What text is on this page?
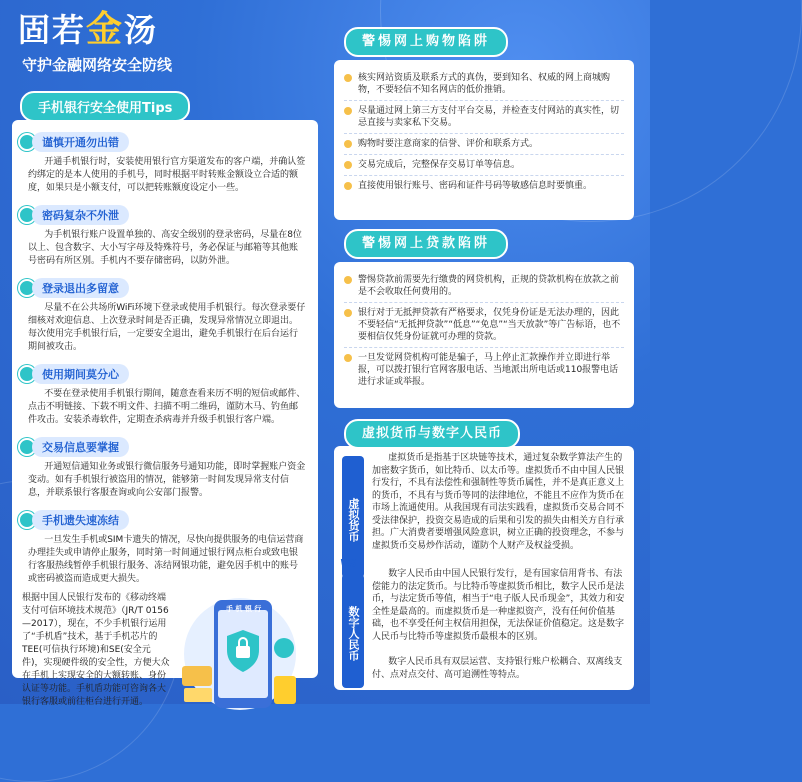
固若金汤
守护金融网络安全防线
手机银行安全使用Tips
谨慎开通勿出错
开通手机银行时，安装使用银行官方渠道发布的客户端，并确认签约绑定的是本人使用的手机号，同时根据平时转账金额设立合适的额度，如果只是小额支付，可以把转账额度设定小一些。
密码复杂不外泄
为手机银行账户设置单独的、高安全级别的登录密码，尽量在8位以上、包含数字、大小写字母及特殊符号，务必保证与邮箱等其他账号密码有所区别。手机内不要存储密码，以防外泄。
登录退出多留意
尽量不在公共场所WiFi环境下登录或使用手机银行。每次登录要仔细核对欢迎信息、上次登录时间是否正确，发现异常情况立即退出。每次使用完手机银行后，一定要安全退出，避免手机银行在后台运行期间被攻击。
使用期间莫分心
不要在登录使用手机银行期间，随意查看来历不明的短信或邮件、点击不明链接、下载不明文件、扫描不明二维码，谨防木马、钓鱼邮件攻击。安装杀毒软件，定期查杀病毒并升级手机银行客户端。
交易信息要掌握
开通短信通知业务或银行微信服务号通知功能，即时掌握账户资金变动。如有手机银行被盗用的情况，能够第一时间发现异常支付信息，并联系银行客服查询或向公安部门报警。
手机遗失速冻结
一旦发生手机或SIM卡遗失的情况，尽快向提供服务的电信运营商办理挂失或申请停止服务，同时第一时间通过银行网点柜台或致电银行客服热线暂停手机银行服务、冻结网银功能，避免因手机中的账号或密码被盗而造成更大损失。
根据中国人民银行发布的《移动终端支付可信环境技术规范》（JR/T 0156—2017），现在，不少手机银行运用了“手机盾”技术，基于手机芯片的TEE(可信执行环境)和SE(安全元件)，实现硬件级的安全性，方便大众在手机上实现安全的大额转账、身份认证等功能。手机盾功能可咨询各大银行客服或前往柜台进行开通。
手 机 银 行
警惕网上购物陷阱
核实网站资质及联系方式的真伪，要到知名、权威的网上商城购物，不要轻信不知名网店的低价推销。
尽量通过网上第三方支付平台交易，并检查支付网站的真实性，切忌直接与卖家私下交易。
购物时要注意商家的信誉、评价和联系方式。
交易完成后，完整保存交易订单等信息。
直接使用银行账号、密码和证件号码等敏感信息时要慎重。
警惕网上贷款陷阱
警惕贷款前需要先行缴费的网贷机构，正规的贷款机构在放款之前是不会收取任何费用的。
银行对于无抵押贷款有严格要求，仅凭身份证是无法办理的，因此不要轻信“无抵押贷款”“低息”“免息”“当天放款”等广告标语，也不要相信仅凭身份证就可办理的贷款。
一旦发觉网贷机构可能是骗子，马上停止汇款操作并立即进行举报，可以拨打银行官网客服电话、当地派出所电话或110报警电话进行求证或举报。
虚拟货币与数字人民币
虚拟货币
VS
数字人民币
虚拟货币是指基于区块链等技术，通过复杂数学算法产生的加密数字货币，如比特币、以太币等。虚拟货币不由中国人民银行发行，不具有法偿性和强制性等货币属性，并不是真正意义上的货币，不具有与货币等同的法律地位，不能且不应作为货币在市场上流通使用。从我国现有司法实践看，虚拟货币交易合同不受法律保护，投资交易造成的后果和引发的损失由相关方自行承担。广大消费者要增强风险意识，树立正确的投资理念，不参与虚拟货币交易炒作活动，谨防个人财产及权益受损。
数字人民币由中国人民银行发行，是有国家信用背书、有法偿能力的法定货币。与比特币等虚拟货币相比，数字人民币是法币，与法定货币等值，相当于“电子版人民币现金”，其效力和安全性是最高的。而虚拟货币是一种虚拟资产，没有任何价值基础，也不享受任何主权信用担保，无法保证价值稳定。这是数字人民币与比特币等虚拟货币最根本的区别。
数字人民币具有双层运营、支持银行账户松耦合、双离线支付、点对点交付、高可追溯性等特点。
